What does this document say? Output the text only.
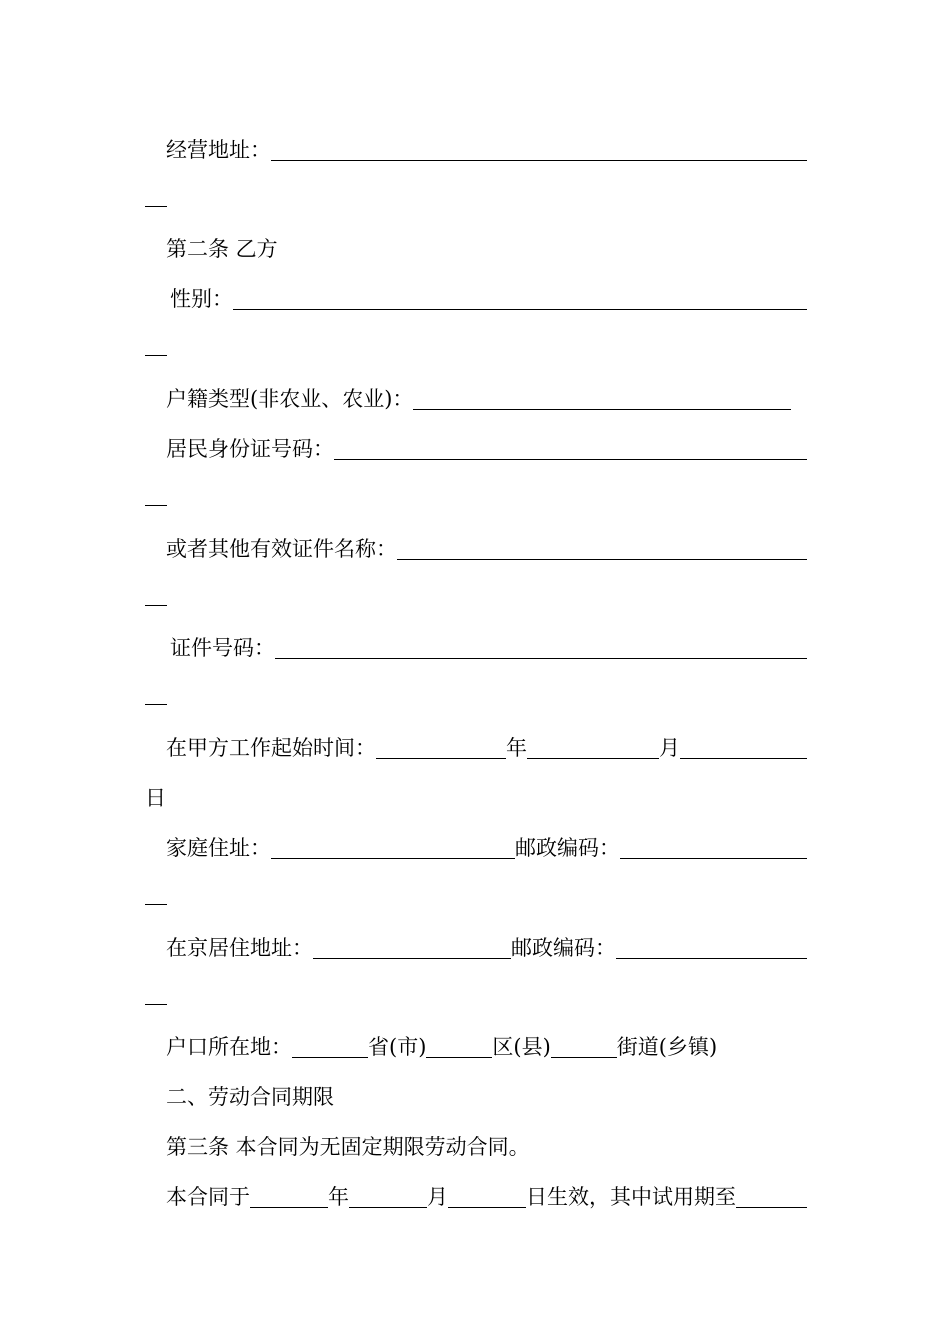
经营地址：
第二条 乙方
性别：
户籍类型(非农业、农业)：
居民身份证号码：
或者其他有效证件名称：
证件号码：
在甲方工作起始时间：	年	月
日
家庭住址：	邮政编码：
在京居住地址：	邮政编码：
户口所在地：	省(市)	区(县)	街道(乡镇)
二、劳动合同期限
第三条 本合同为无固定期限劳动合同。
本合同于	年	月	日生效，其中试用期至
